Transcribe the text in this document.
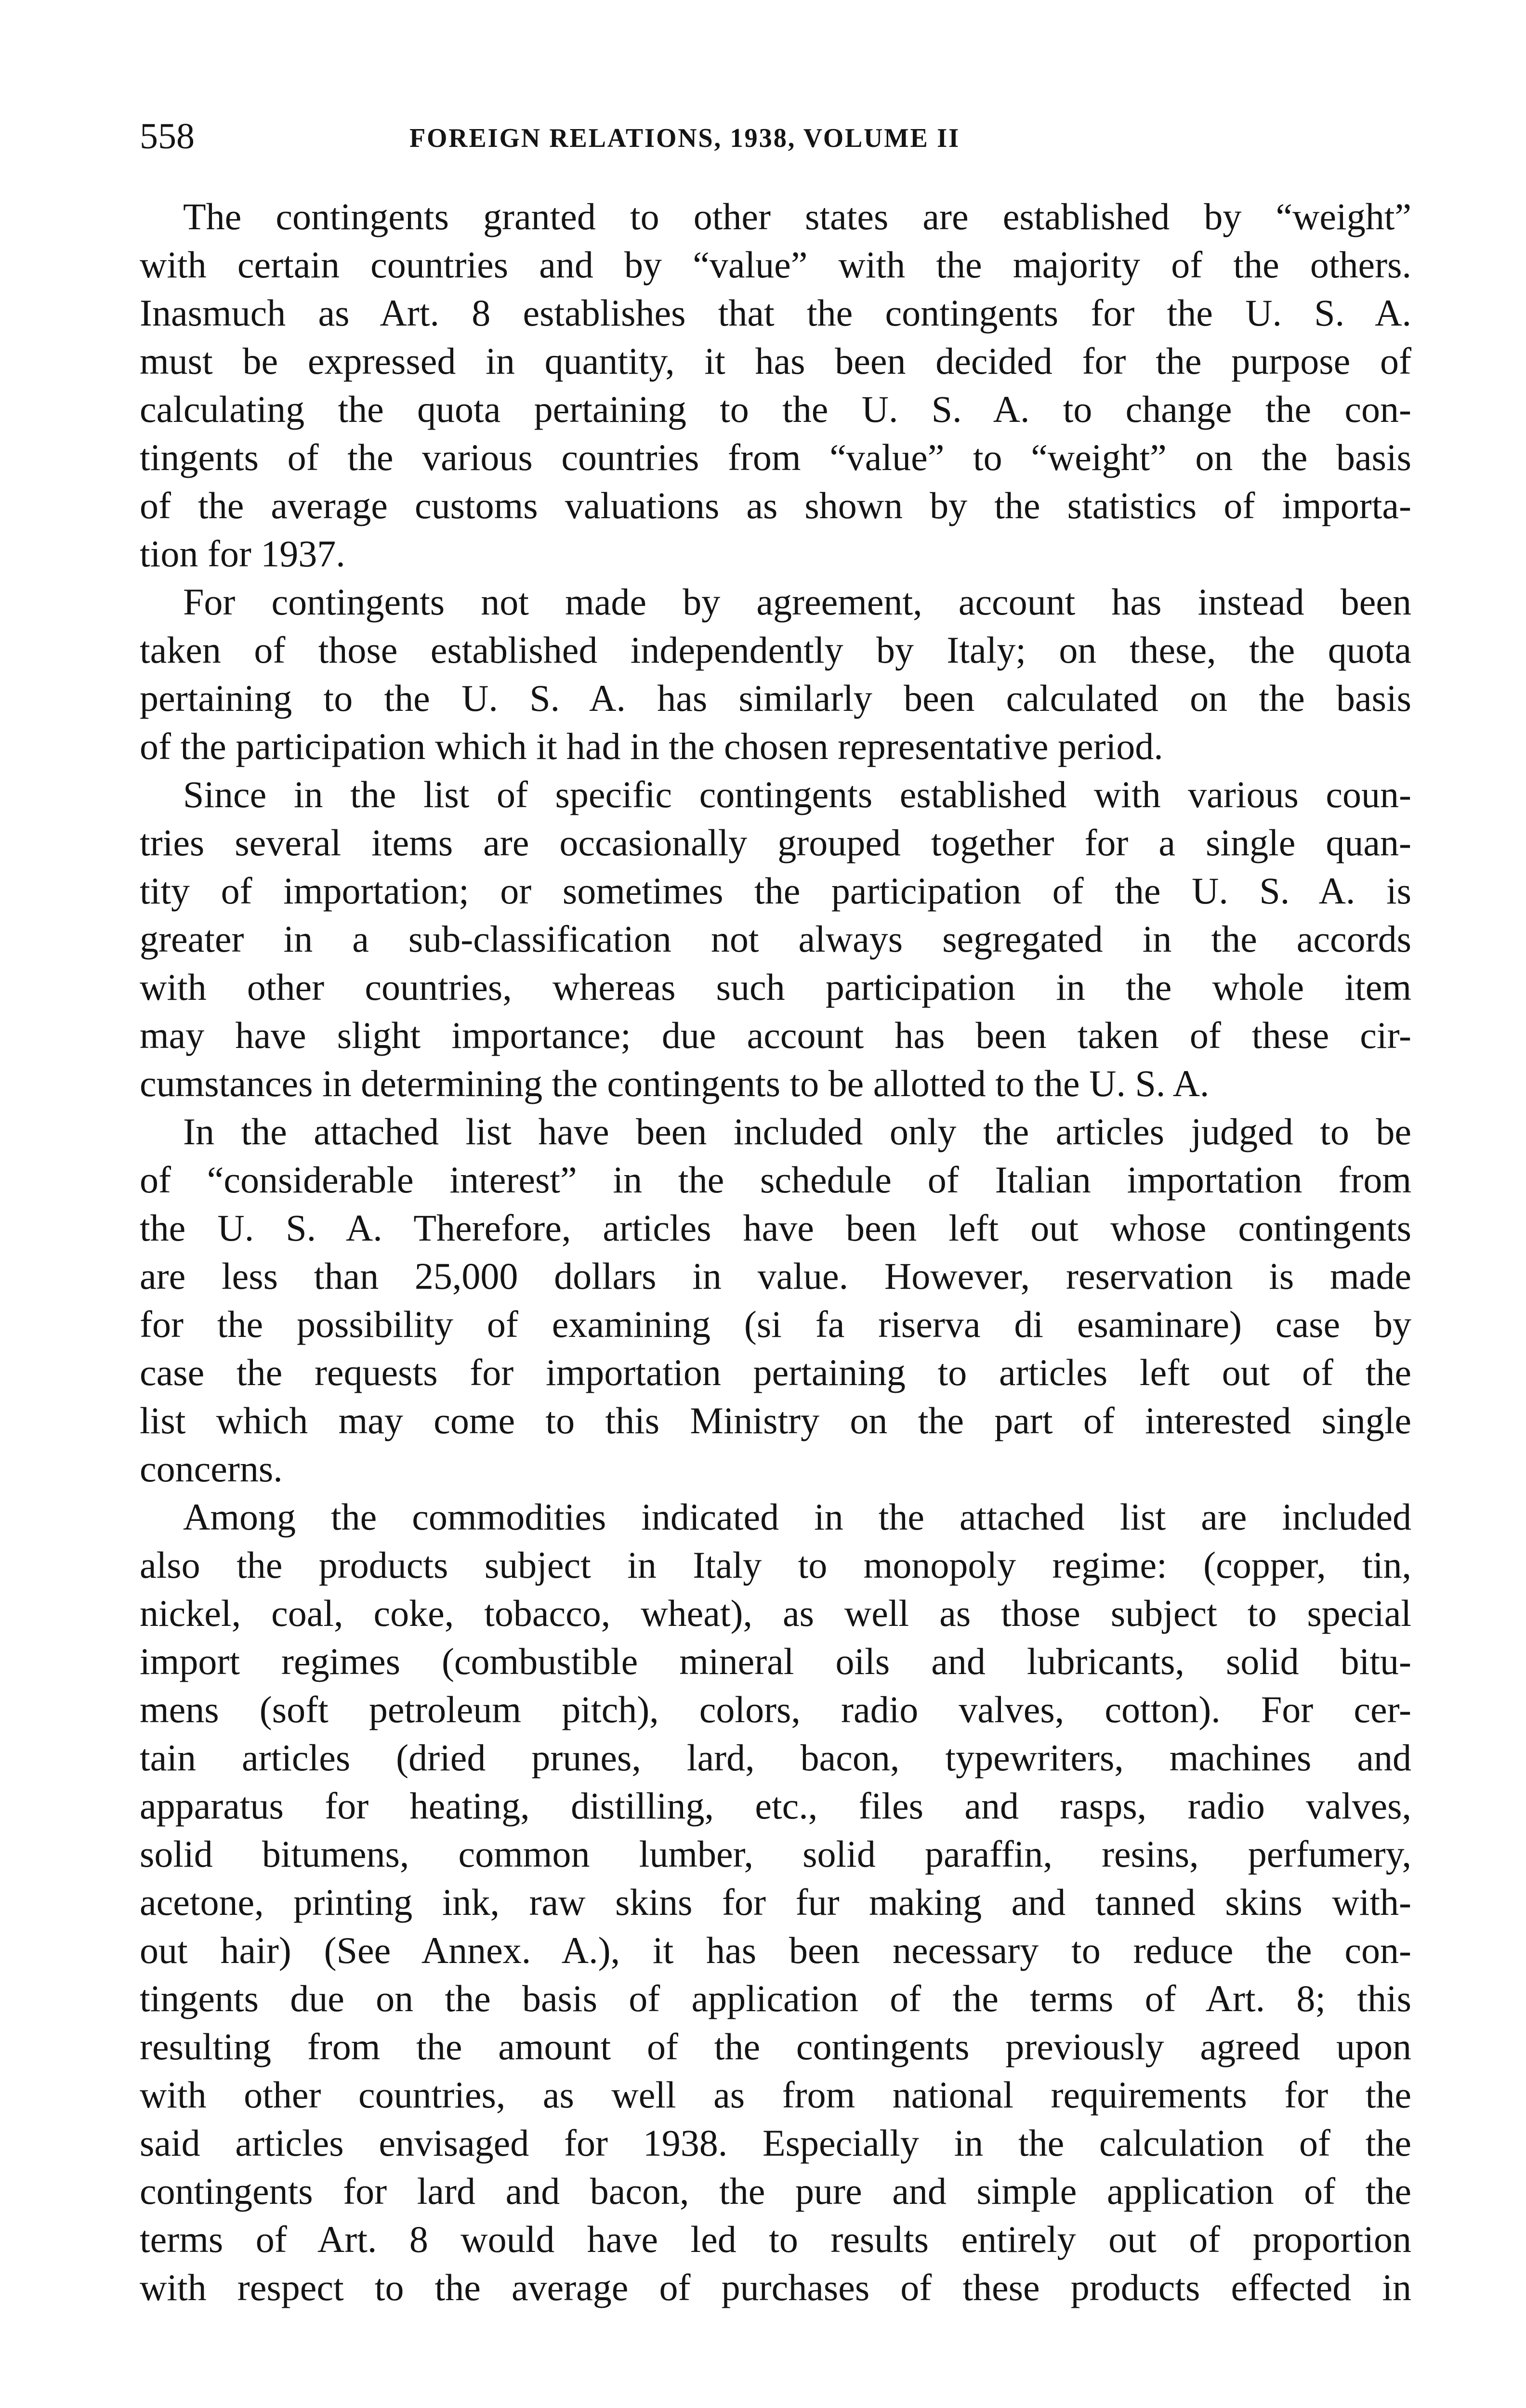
558	FOREIGN RELATIONS, 1938, VOLUME II
The contingents granted to other states are established by “weight”
with certain countries and by “value” with the majority of the others.
Inasmuch as Art. 8 establishes that the contingents for the U. S. A.
must be expressed in quantity, it has been decided for the purpose of
calculating the quota pertaining to the U. S. A. to change the con-
tingents of the various countries from “value” to “weight” on the basis
of the average customs valuations as shown by the statistics of importa-
tion for 1937.
For contingents not made by agreement, account has instead been
taken of those established independently by Italy; on these, the quota
pertaining to the U. S. A. has similarly been calculated on the basis
of the participation which it had in the chosen representative period.
Since in the list of specific contingents established with various coun-
tries several items are occasionally grouped together for a single quan-
tity of importation; or sometimes the participation of the U. S. A. is
greater in a sub-classification not always segregated in the accords
with other countries, whereas such participation in the whole item
may have slight importance; due account has been taken of these cir-
cumstances in determining the contingents to be allotted to the U. S. A.
In the attached list have been included only the articles judged to be
of “considerable interest” in the schedule of Italian importation from
the U. S. A. Therefore, articles have been left out whose contingents
are less than 25,000 dollars in value. However, reservation is made
for the possibility of examining (si fa riserva di esaminare) case by
case the requests for importation pertaining to articles left out of the
list which may come to this Ministry on the part of interested single
concerns.
Among the commodities indicated in the attached list are included
also the products subject in Italy to monopoly regime: (copper, tin,
nickel, coal, coke, tobacco, wheat), as well as those subject to special
import regimes (combustible mineral oils and lubricants, solid bitu-
mens (soft petroleum pitch), colors, radio valves, cotton). For cer-
tain articles (dried prunes, lard, bacon, typewriters, machines and
apparatus for heating, distilling, etc., files and rasps, radio valves,
solid bitumens, common lumber, solid paraffin, resins, perfumery,
acetone, printing ink, raw skins for fur making and tanned skins with-
out hair) (See Annex. A.), it has been necessary to reduce the con-
tingents due on the basis of application of the terms of Art. 8; this
resulting from the amount of the contingents previously agreed upon
with other countries, as well as from national requirements for the
said articles envisaged for 1938. Especially in the calculation of the
contingents for lard and bacon, the pure and simple application of the
terms of Art. 8 would have led to results entirely out of proportion
with respect to the average of purchases of these products effected in
